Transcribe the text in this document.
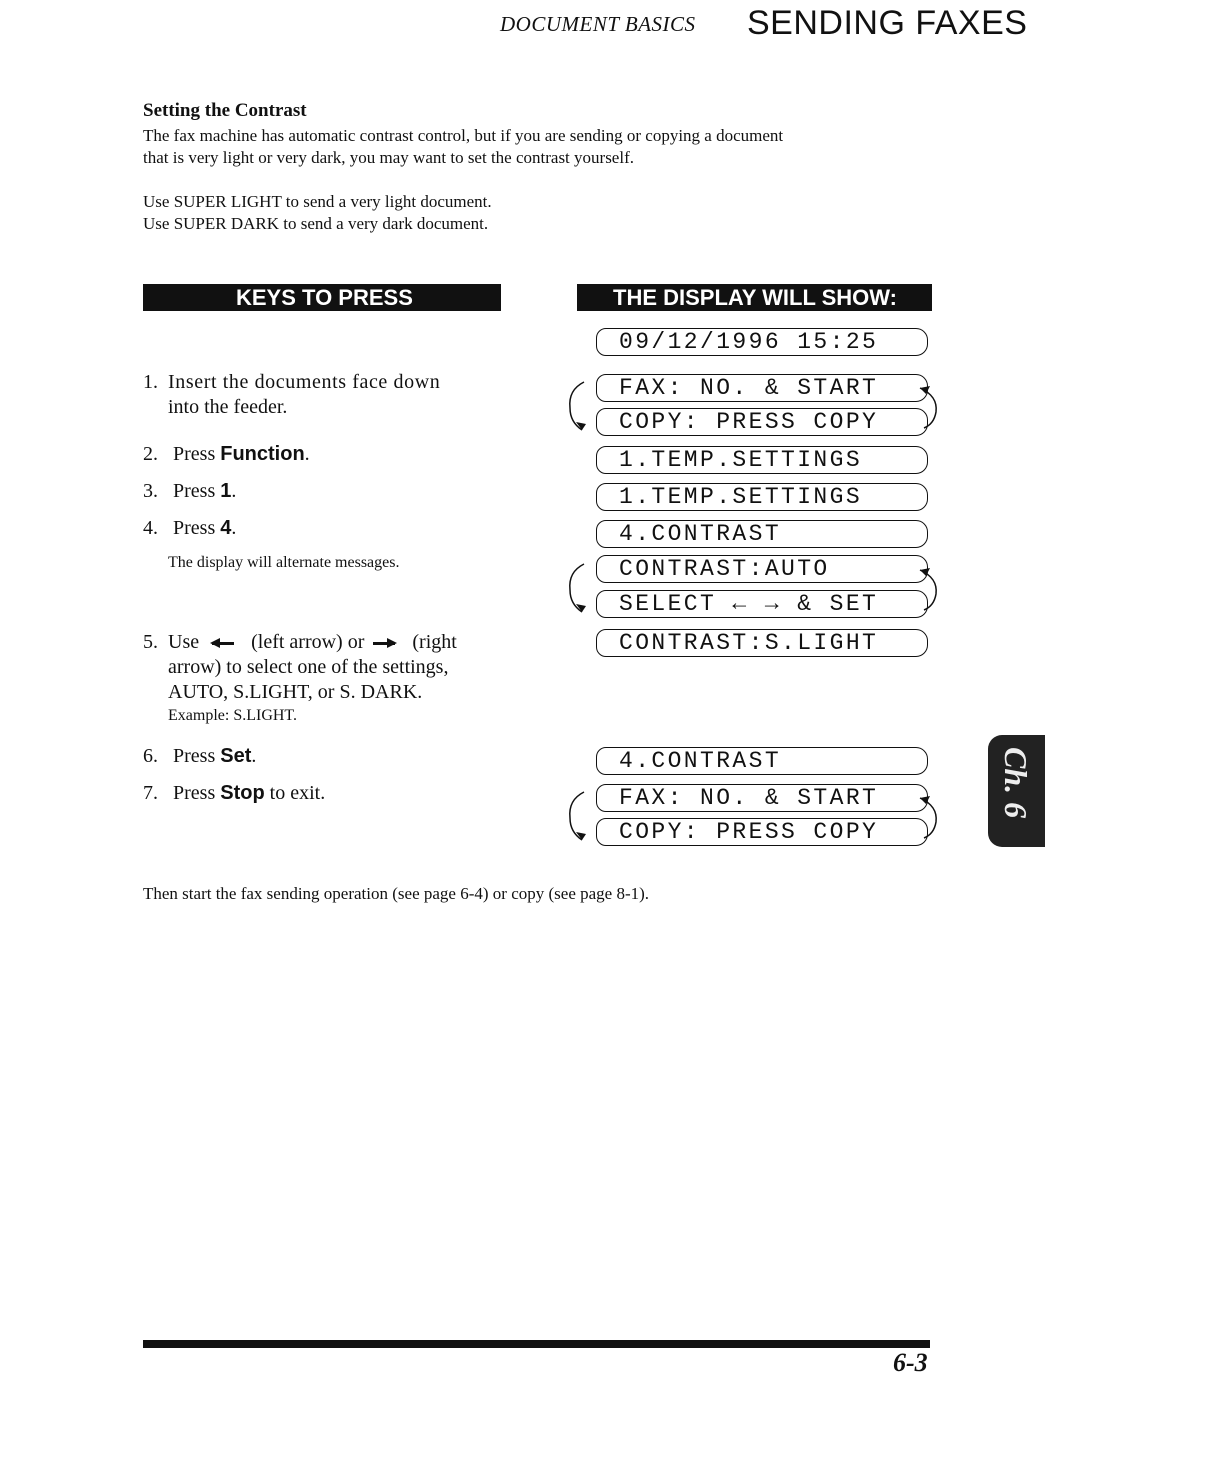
DOCUMENT BASICS SENDING FAXES
Setting the Contrast
The fax machine has automatic contrast control, but if you are sending or copying a document
that is very light or very dark, you may want to set the contrast yourself.
Use SUPER LIGHT to send a very light document.
Use SUPER DARK to send a very dark document.
KEYS TO PRESS	THE DISPLAY WILL SHOW:
1. Insert the documents face down
into the feeder.
2. Press Function.
3. Press 1.
4. Press 4.
The display will alternate messages.
5. Use	(left arrow) or (right
arrow) to select one of the settings,
AUTO, S.LIGHT, or S. DARK.
Example: S.LIGHT.
6. Press Set.
7. Press Stop to exit.
09/12/1996 15:25
FAX: NO. & START
COPY: PRESS COPY
1.TEMP.SETTINGS
1.TEMP.SETTINGS
4.CONTRAST
CONTRAST:AUTO
SELECT ← → & SET
CONTRAST:S.LIGHT
4.CONTRAST
FAX: NO. & START
COPY: PRESS COPY
Ch. 6
Then start the fax sending operation (see page 6-4) or copy (see page 8-1).
6-3
